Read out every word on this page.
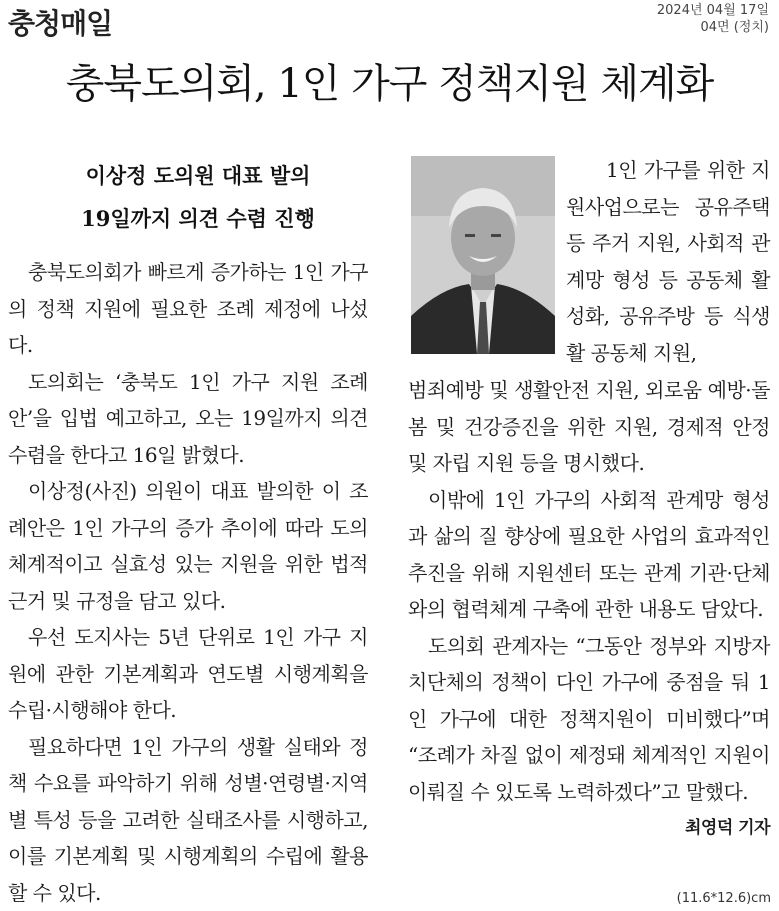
충청매일	2024년 04월 17일
04면 (정치)
충북도의회, 1인 가구 정책지원 체계화
이상정 도의원 대표 발의
19일까지 의견 수렴 진행

충북도의회가 빠르게 증가하는 1인 가구의 정책 지원에 필요한 조례 제정에 나섰다.

도의회는 ‘충북도 1인 가구 지원 조례안’을 입법 예고하고, 오는 19일까지 의견 수렴을 한다고 16일 밝혔다.

이상정(사진) 의원이 대표 발의한 이 조례안은 1인 가구의 증가 추이에 따라 도의 체계적이고 실효성 있는 지원을 위한 법적 근거 및 규정을 담고 있다.

우선 도지사는 5년 단위로 1인 가구 지원에 관한 기본계획과 연도별 시행계획을 수립·시행해야 한다.

필요하다면 1인 가구의 생활 실태와 정책 수요를 파악하기 위해 성별·연령별·지역별 특성 등을 고려한 실태조사를 시행하고, 이를 기본계획 및 시행계획의 수립에 활용할 수 있다.

1인 가구를 위한 지원사업으로는 공유주택 등 주거 지원, 사회적 관계망 형성 등 공동체 활성화, 공유주방 등 식생활 공동체 지원,

범죄예방 및 생활안전 지원, 외로움 예방·돌봄 및 건강증진을 위한 지원, 경제적 안정 및 자립 지원 등을 명시했다.

이밖에 1인 가구의 사회적 관계망 형성과 삶의 질 향상에 필요한 사업의 효과적인 추진을 위해 지원센터 또는 관계 기관·단체와의 협력체계 구축에 관한 내용도 담았다.

도의회 관계자는 “그동안 정부와 지방자치단체의 정책이 다인 가구에 중점을 둬 1인 가구에 대한 정책지원이 미비했다”며 “조례가 차질 없이 제정돼 체계적인 지원이 이뤄질 수 있도록 노력하겠다”고 말했다.
최영덕 기자

(11.6*12.6)cm
